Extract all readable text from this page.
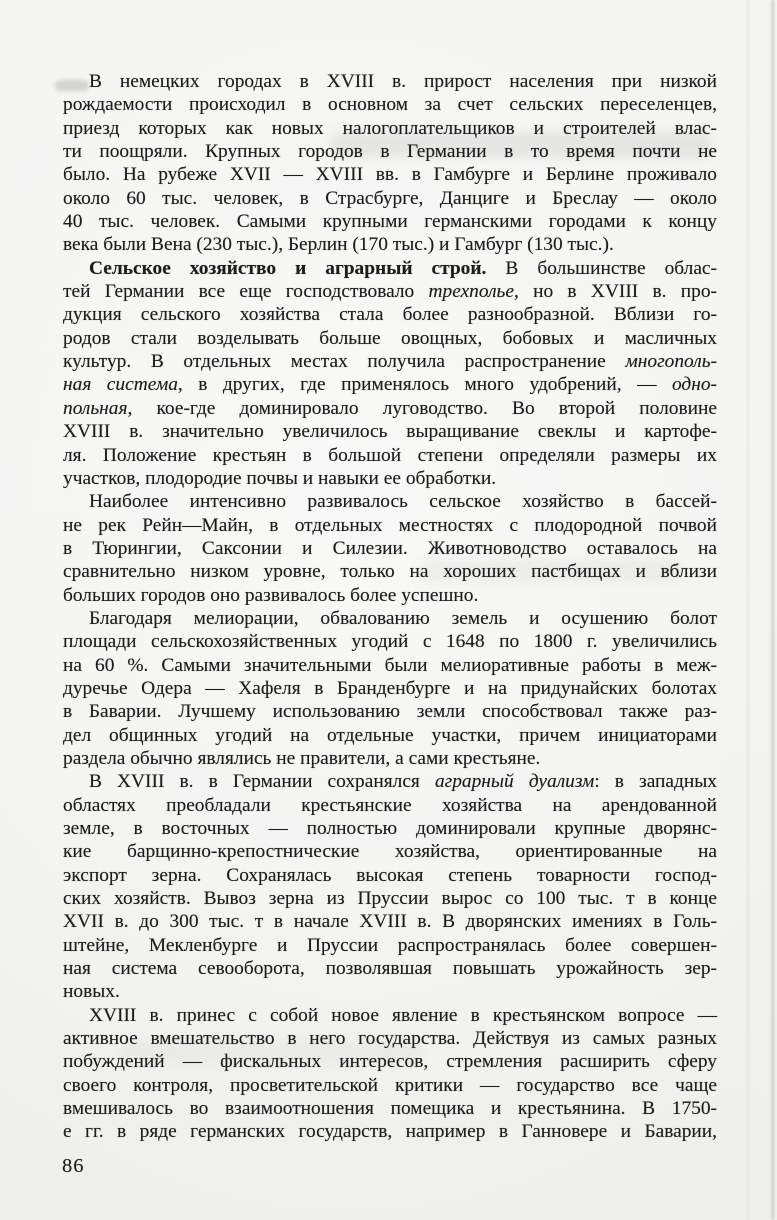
В немецких городах в XVIII в. прирост населения при низкой
рождаемости происходил в основном за счет сельских переселенцев,
приезд которых как новых налогоплательщиков и строителей влас-
ти поощряли. Крупных городов в Германии в то время почти не
было. На рубеже XVII — XVIII вв. в Гамбурге и Берлине проживало
около 60 тыс. человек, в Страсбурге, Данциге и Бреслау — около
40 тыс. человек. Самыми крупными германскими городами к концу
века были Вена (230 тыс.), Берлин (170 тыс.) и Гамбург (130 тыс.).
Сельское хозяйство и аграрный строй. В большинстве облас-
тей Германии все еще господствовало трехполье, но в XVIII в. про-
дукция сельского хозяйства стала более разнообразной. Вблизи го-
родов стали возделывать больше овощных, бобовых и масличных
культур. В отдельных местах получила распространение многополь-
ная система, в других, где применялось много удобрений, — одно-
польная, кое-где доминировало луговодство. Во второй половине
XVIII в. значительно увеличилось выращивание свеклы и картофе-
ля. Положение крестьян в большой степени определяли размеры их
участков, плодородие почвы и навыки ее обработки.
Наиболее интенсивно развивалось сельское хозяйство в бассей-
не рек Рейн—Майн, в отдельных местностях с плодородной почвой
в Тюрингии, Саксонии и Силезии. Животноводство оставалось на
сравнительно низком уровне, только на хороших пастбищах и вблизи
больших городов оно развивалось более успешно.
Благодаря мелиорации, обвалованию земель и осушению болот
площади сельскохозяйственных угодий с 1648 по 1800 г. увеличились
на 60 %. Самыми значительными были мелиоративные работы в меж-
дуречье Одера — Хафеля в Бранденбурге и на придунайских болотах
в Баварии. Лучшему использованию земли способствовал также раз-
дел общинных угодий на отдельные участки, причем инициаторами
раздела обычно являлись не правители, а сами крестьяне.
В XVIII в. в Германии сохранялся аграрный дуализм: в западных
областях преобладали крестьянские хозяйства на арендованной
земле, в восточных — полностью доминировали крупные дворянс-
кие барщинно-крепостнические хозяйства, ориентированные на
экспорт зерна. Сохранялась высокая степень товарности господ-
ских хозяйств. Вывоз зерна из Пруссии вырос со 100 тыс. т в конце
XVII в. до 300 тыс. т в начале XVIII в. В дворянских имениях в Голь-
штейне, Мекленбурге и Пруссии распространялась более совершен-
ная система севооборота, позволявшая повышать урожайность зер-
новых.
XVIII в. принес с собой новое явление в крестьянском вопросе —
активное вмешательство в него государства. Действуя из самых разных
побуждений — фискальных интересов, стремления расширить сферу
своего контроля, просветительской критики — государство все чаще
вмешивалось во взаимоотношения помещика и крестьянина. В 1750-
е гг. в ряде германских государств, например в Ганновере и Баварии,
86
